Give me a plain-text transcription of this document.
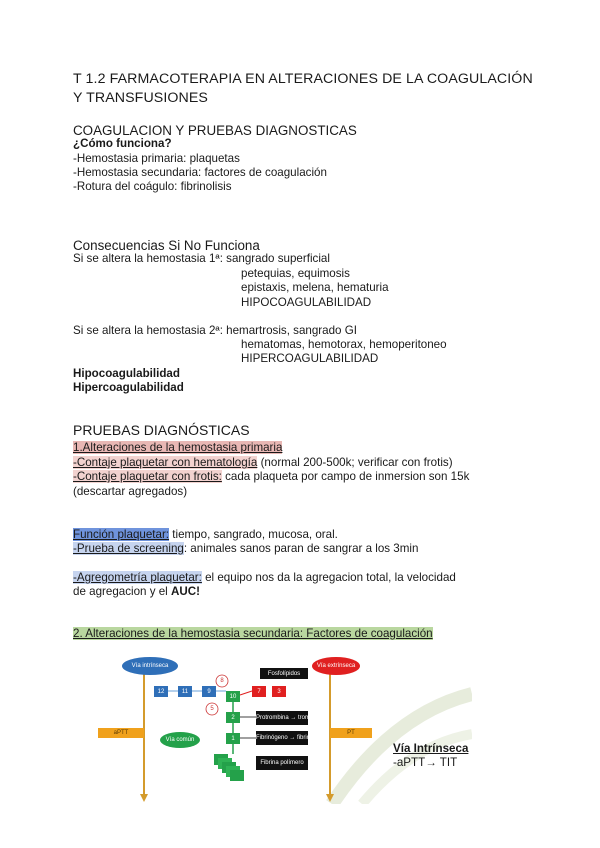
T 1.2 FARMACOTERAPIA EN ALTERACIONES DE LA COAGULACIÓN
Y TRANSFUSIONES
COAGULACION Y PRUEBAS DIAGNOSTICAS
¿Cómo funciona?
-Hemostasia primaria: plaquetas
-Hemostasia secundaria: factores de coagulación
-Rotura del coágulo: fibrinolisis
Consecuencias Si No Funciona
Si se altera la hemostasia 1ª: sangrado superficial
petequias, equimosis
epistaxis, melena, hematuria
HIPOCOAGULABILIDAD
Si se altera la hemostasia 2ª: hemartrosis, sangrado GI
hematomas, hemotorax, hemoperitoneo
HIPERCOAGULABILIDAD
Hipocoagulabilidad
Hipercoagulabilidad
PRUEBAS DIAGNÓSTICAS
1.Alteraciones de la hemostasia primaria
-Contaje plaquetar con hematología (normal 200-500k; verificar con frotis)
-Contaje plaquetar con frotis: cada plaqueta por campo de inmersion son 15k
(descartar agregados)
Función plaquetar: tiempo, sangrado, mucosa, oral.
-Prueba de screening: animales sanos paran de sangrar a los 3min
-Agregometría plaquetar: el equipo nos da la agregacion total, la velocidad
de agregacion y el AUC!
2. Alteraciones de la hemostasia secundaria: Factores de coagulación
Vía intrínseca	Vía extrínseca
12	11	9
8
10
5
2
1
7	3
Fosfolípidos
Protrombina → trombina
Fibrinógeno → fibrina
Fibrina polímero
Vía común
aPTT	PT
Vía Intrínseca
-aPTT→ TIT
